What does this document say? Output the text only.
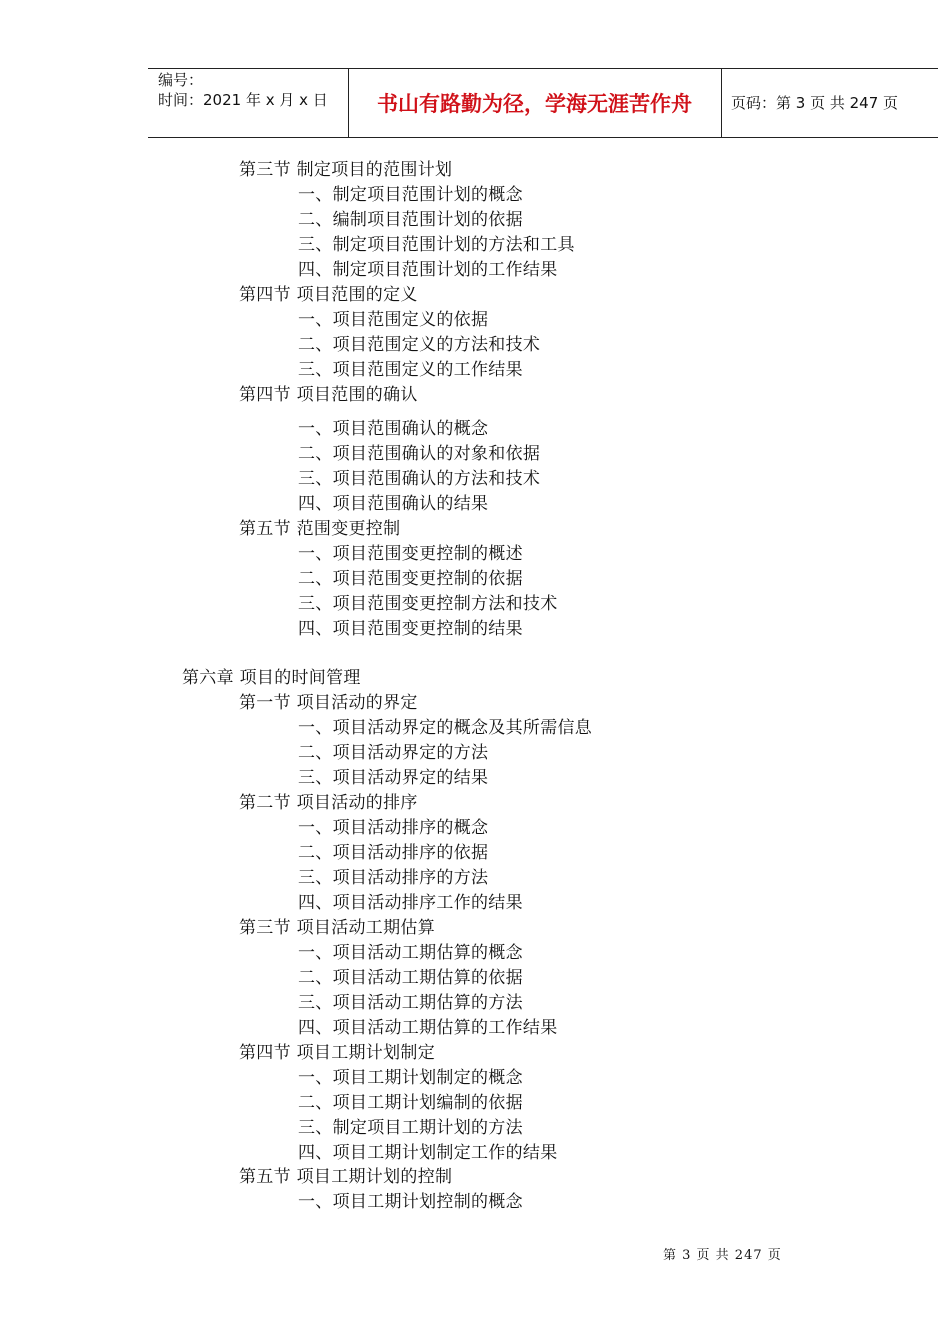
编号：
时间：2021 年 x 月 x 日	书山有路勤为径，学海无涯苦作舟	页码：第 3 页 共 247 页
第三节 制定项目的范围计划
一、制定项目范围计划的概念
二、编制项目范围计划的依据
三、制定项目范围计划的方法和工具
四、制定项目范围计划的工作结果
第四节 项目范围的定义
一、项目范围定义的依据
二、项目范围定义的方法和技术
三、项目范围定义的工作结果
第四节 项目范围的确认
一、项目范围确认的概念
二、项目范围确认的对象和依据
三、项目范围确认的方法和技术
四、项目范围确认的结果
第五节 范围变更控制
一、项目范围变更控制的概述
二、项目范围变更控制的依据
三、项目范围变更控制方法和技术
四、项目范围变更控制的结果
第六章 项目的时间管理
第一节 项目活动的界定
一、项目活动界定的概念及其所需信息
二、项目活动界定的方法
三、项目活动界定的结果
第二节 项目活动的排序
一、项目活动排序的概念
二、项目活动排序的依据
三、项目活动排序的方法
四、项目活动排序工作的结果
第三节 项目活动工期估算
一、项目活动工期估算的概念
二、项目活动工期估算的依据
三、项目活动工期估算的方法
四、项目活动工期估算的工作结果
第四节 项目工期计划制定
一、项目工期计划制定的概念
二、项目工期计划编制的依据
三、制定项目工期计划的方法
四、项目工期计划制定工作的结果
第五节 项目工期计划的控制
一、项目工期计划控制的概念
第 3 页 共 247 页
